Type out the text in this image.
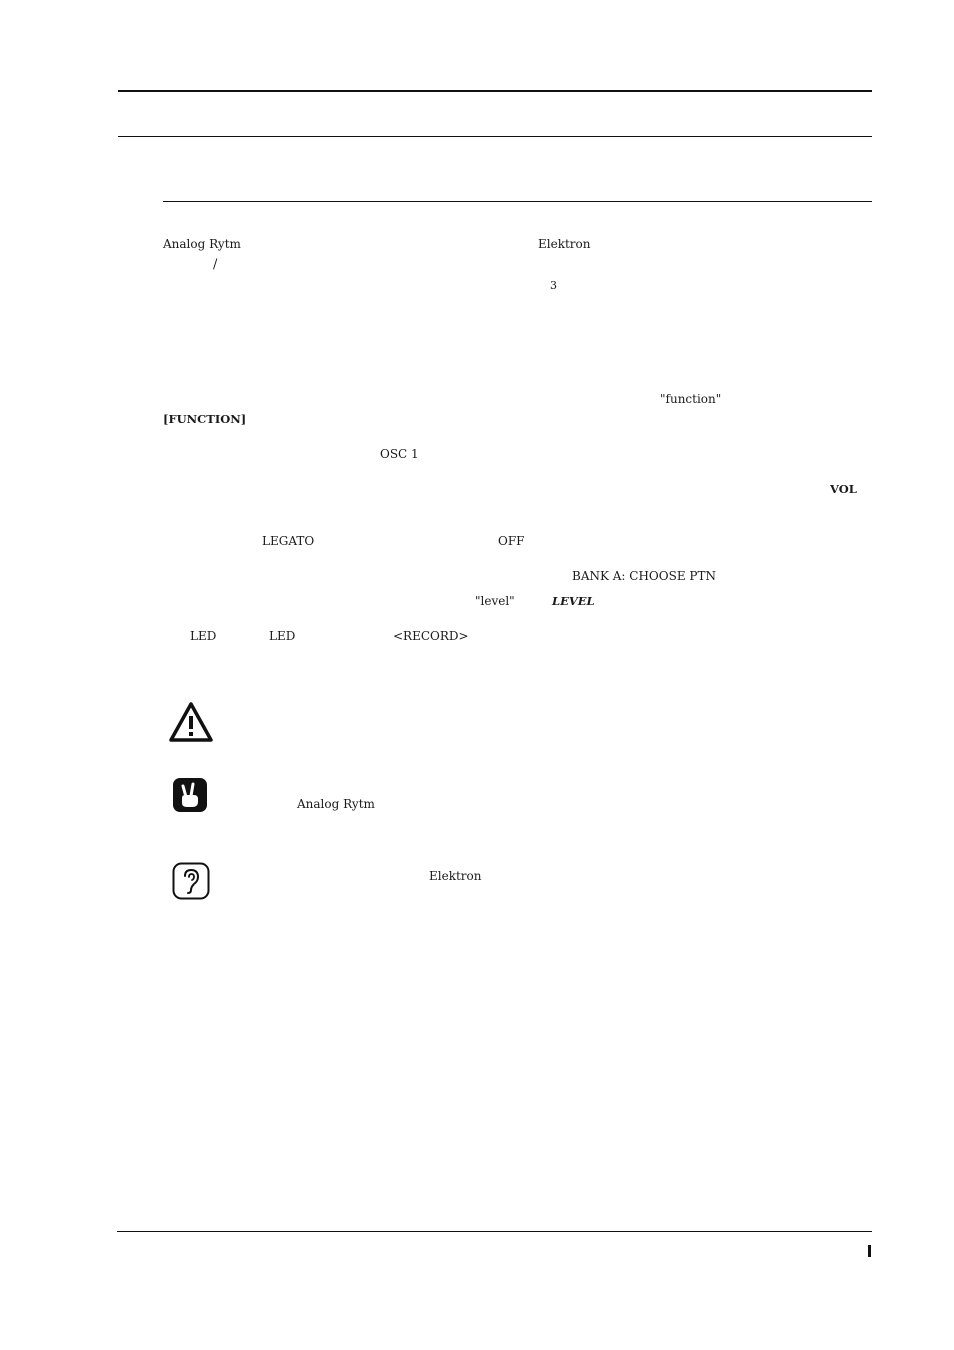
Analog Rytm	Elektron
/
3
"function"
[FUNCTION]
OSC 1
VOL
LEGATO	OFF
BANK A: CHOOSE PTN
"level"	LEVEL
LED	LED	<RECORD>
Analog Rytm
Elektron
